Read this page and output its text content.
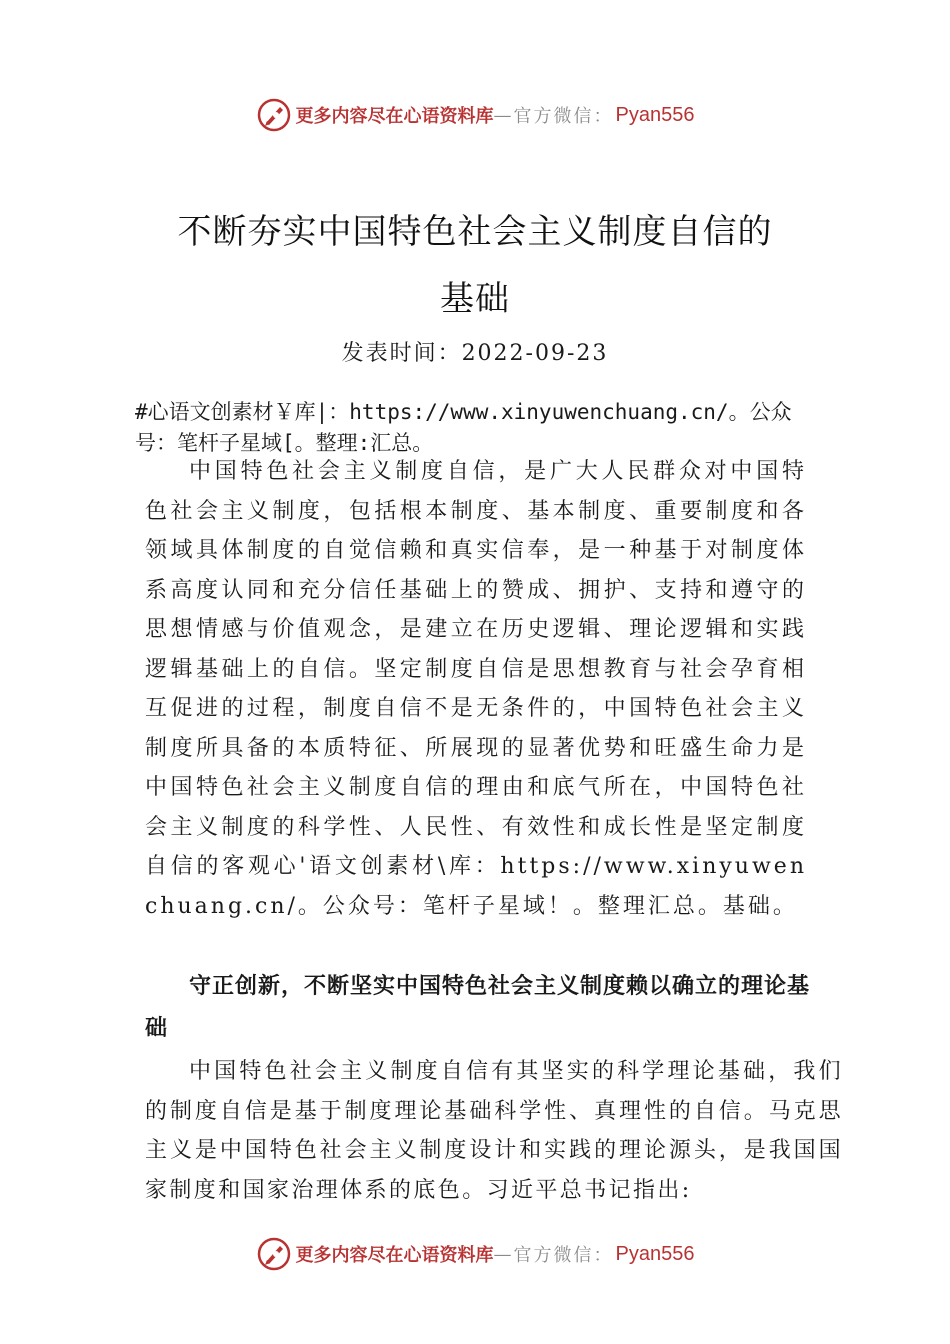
更多内容尽在心语资料库 — 官方微信： Pyan556
不断夯实中国特色社会主义制度自信的
基础
发表时间：2022-09-23
#心语文创素材￥库|：https://www.xinyuwenchuang.cn/。公众号：笔杆子星域[。整理:汇总。

中国特色社会主义制度自信，是广大人民群众对中国特色社会主义制度，包括根本制度、基本制度、重要制度和各领域具体制度的自觉信赖和真实信奉，是一种基于对制度体系高度认同和充分信任基础上的赞成、拥护、支持和遵守的思想情感与价值观念，是建立在历史逻辑、理论逻辑和实践逻辑基础上的自信。坚定制度自信是思想教育与社会孕育相互促进的过程，制度自信不是无条件的，中国特色社会主义 制度所具备的本质特征、所展现的显著优势和旺盛生命力是中国特色社会主义制度自信的理由和底气所在，中国特色社会主义制度的科学性、人民性、有效性和成长性是坚定制度自信的客观心'语文创素材\库：https://www.xinyuwenchuang.cn/。公众号：笔杆子星域！。整理汇总。基础。

守正创新，不断坚实中国特色社会主义制度赖以确立的理论基础

中国特色社会主义制度自信有其坚实的科学理论基础，我们的制度自信是基于制度理论基础科学性、真理性的自信。马克思主义是中国特色社会主义制度设计和实践的理论源头，是我国国家制度和国家治理体系的底色。习近平总书记指出:

更多内容尽在心语资料库 — 官方微信： Pyan556
